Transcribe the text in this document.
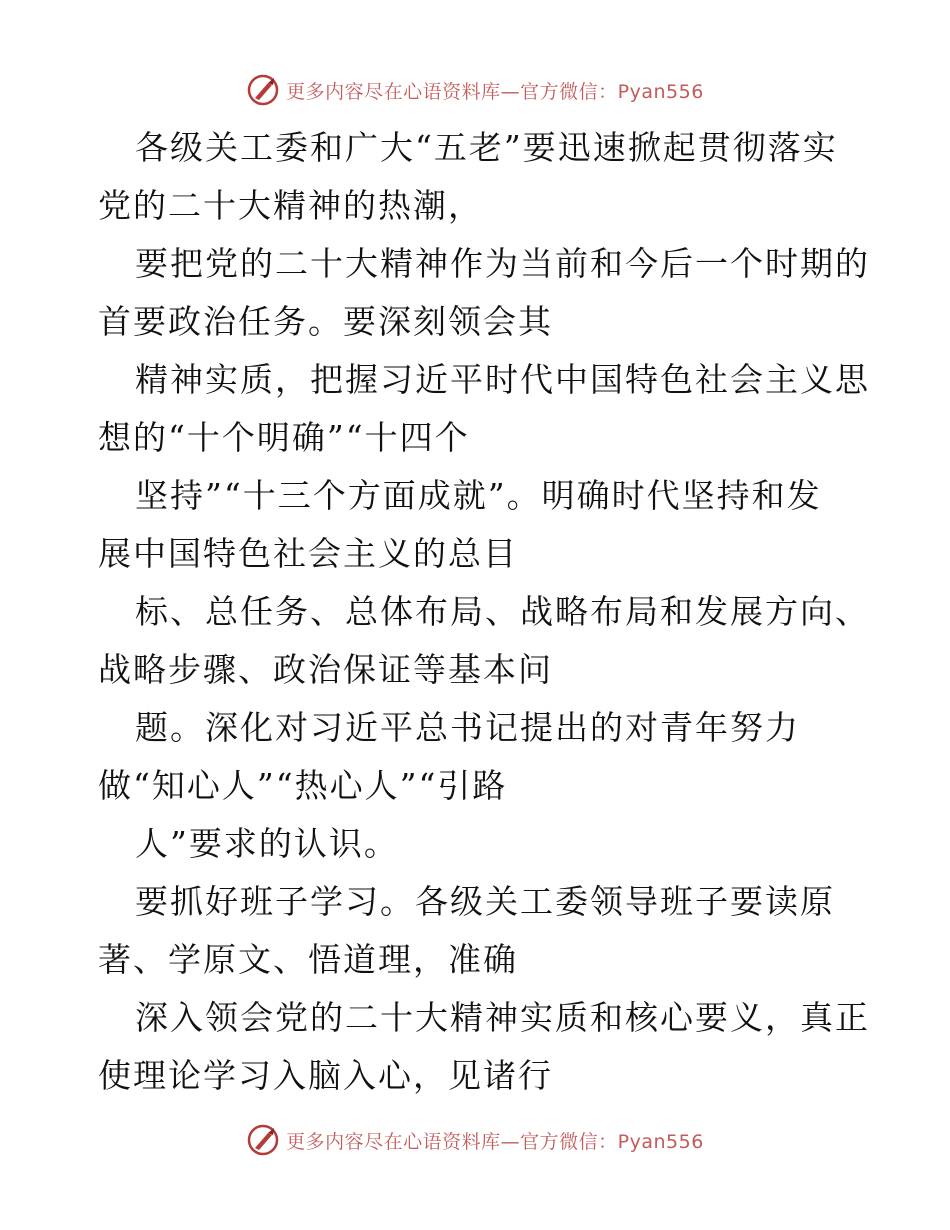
更多内容尽在心语资料库—官方微信：Pyan556
各级关工委和广大“五老”要迅速掀起贯彻落实
党的二十大精神的热潮，
要把党的二十大精神作为当前和今后一个时期的
首要政治任务。要深刻领会其
精神实质，把握习近平时代中国特色社会主义思
想的“十个明确”“十四个
坚持”“十三个方面成就”。明确时代坚持和发
展中国特色社会主义的总目
标、总任务、总体布局、战略布局和发展方向、
战略步骤、政治保证等基本问
题。深化对习近平总书记提出的对青年努力
做“知心人”“热心人”“引路
人”要求的认识。
要抓好班子学习。各级关工委领导班子要读原
著、学原文、悟道理，准确
深入领会党的二十大精神实质和核心要义，真正
使理论学习入脑入心，见诸行
更多内容尽在心语资料库—官方微信：Pyan556
